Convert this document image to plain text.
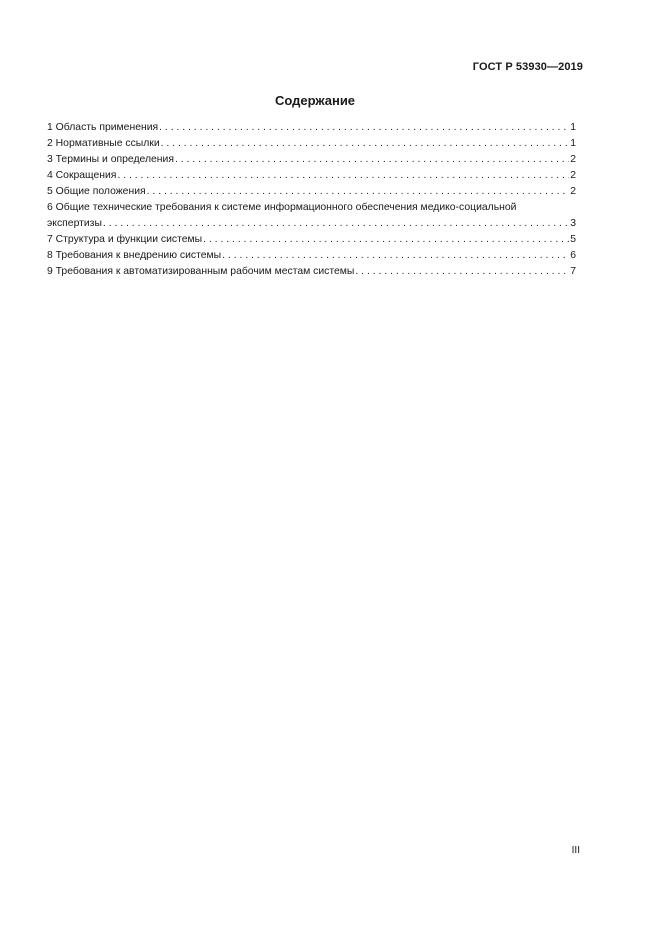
ГОСТ Р 53930—2019
Содержание
1 Область применения . . .	1
2 Нормативные ссылки . . .	1
3 Термины и определения . . .	2
4 Сокращения . . .	2
5 Общие положения . . .	2
6 Общие технические требования к системе информационного обеспечения медико-социальной
экспертизы . . .	3
7 Структура и функции системы . . .	5
8 Требования к внедрению системы . . .	6
9 Требования к автоматизированным рабочим местам системы . . .	7
III
